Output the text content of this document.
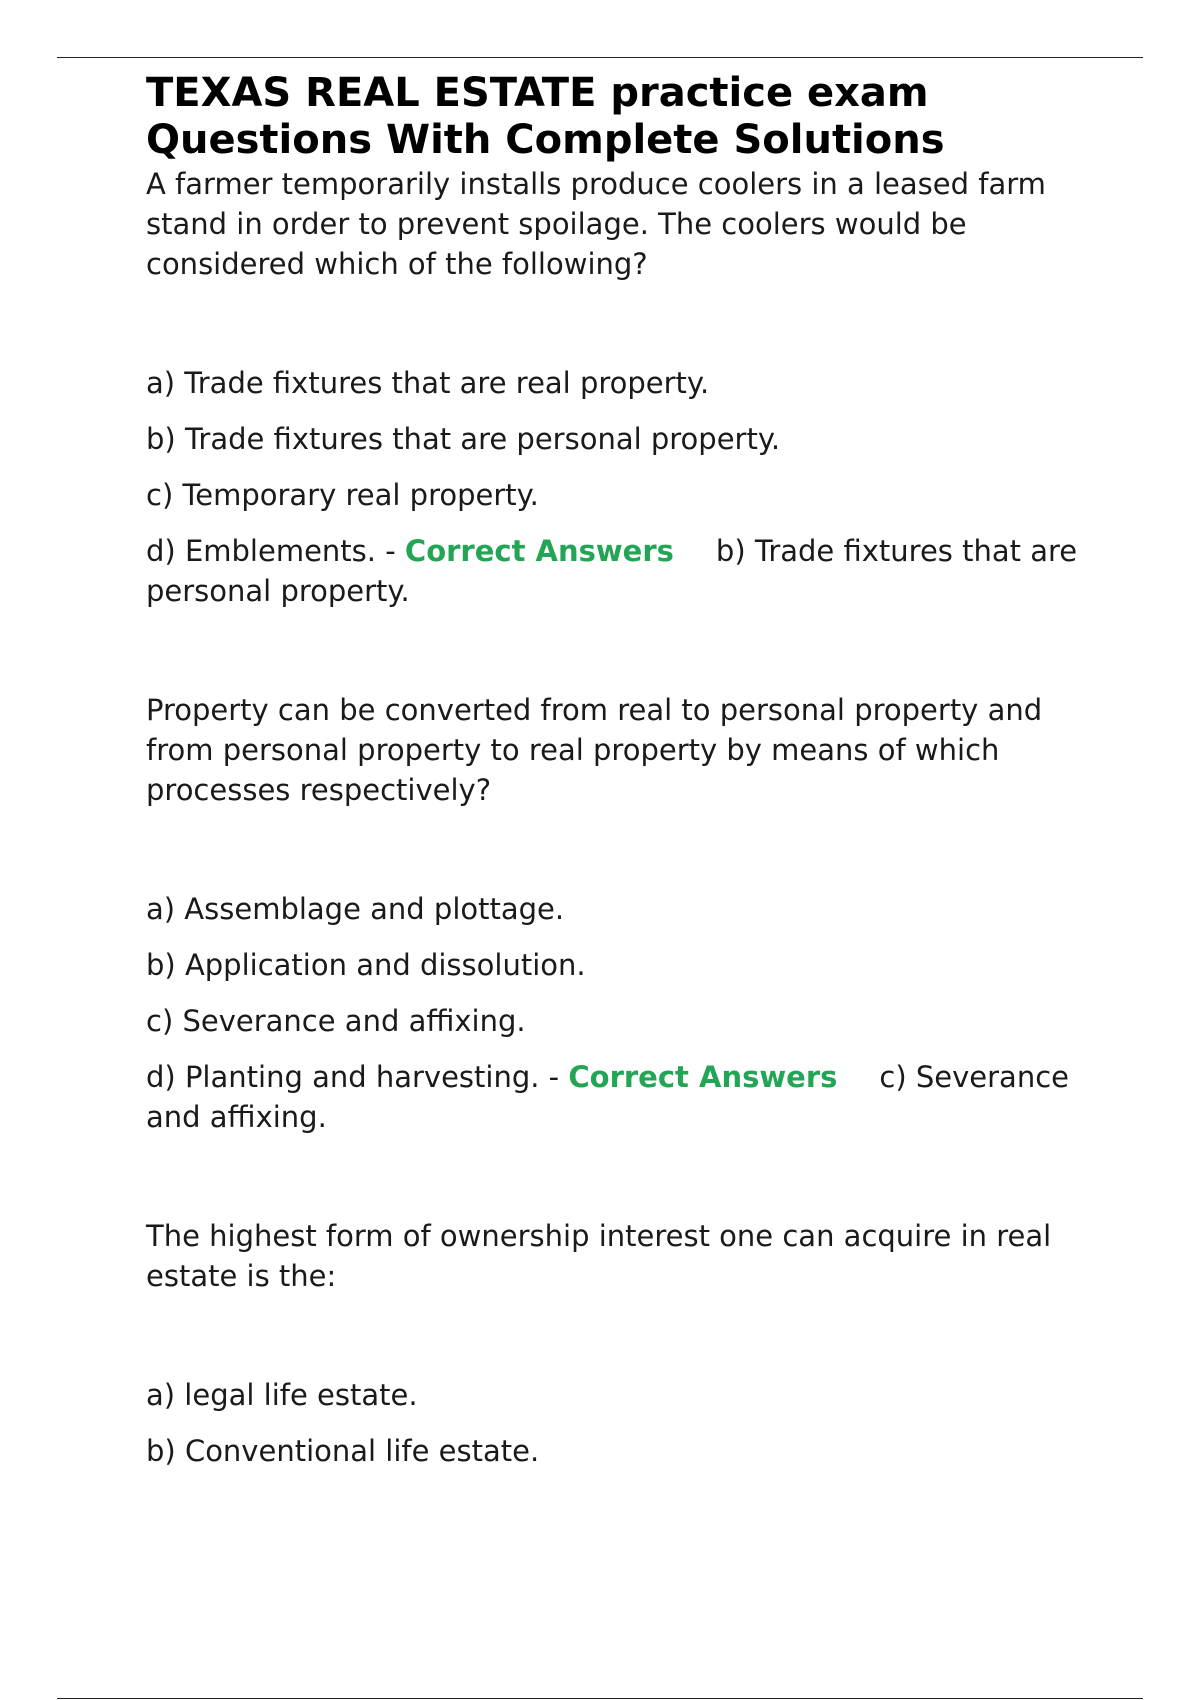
TEXAS REAL ESTATE practice exam
Questions With Complete Solutions

A farmer temporarily installs produce coolers in a leased farm stand in order to prevent spoilage. The coolers would be considered which of the following?

a) Trade fixtures that are real property.

b) Trade fixtures that are personal property.

c) Temporary real property.

d) Emblements. - Correct Answers b) Trade fixtures that are personal property.

Property can be converted from real to personal property and from personal property to real property by means of which processes respectively?

a) Assemblage and plottage.

b) Application and dissolution.

c) Severance and affixing.

d) Planting and harvesting. - Correct Answers c) Severance and affixing.

The highest form of ownership interest one can acquire in real estate is the:

a) legal life estate.

b) Conventional life estate.
